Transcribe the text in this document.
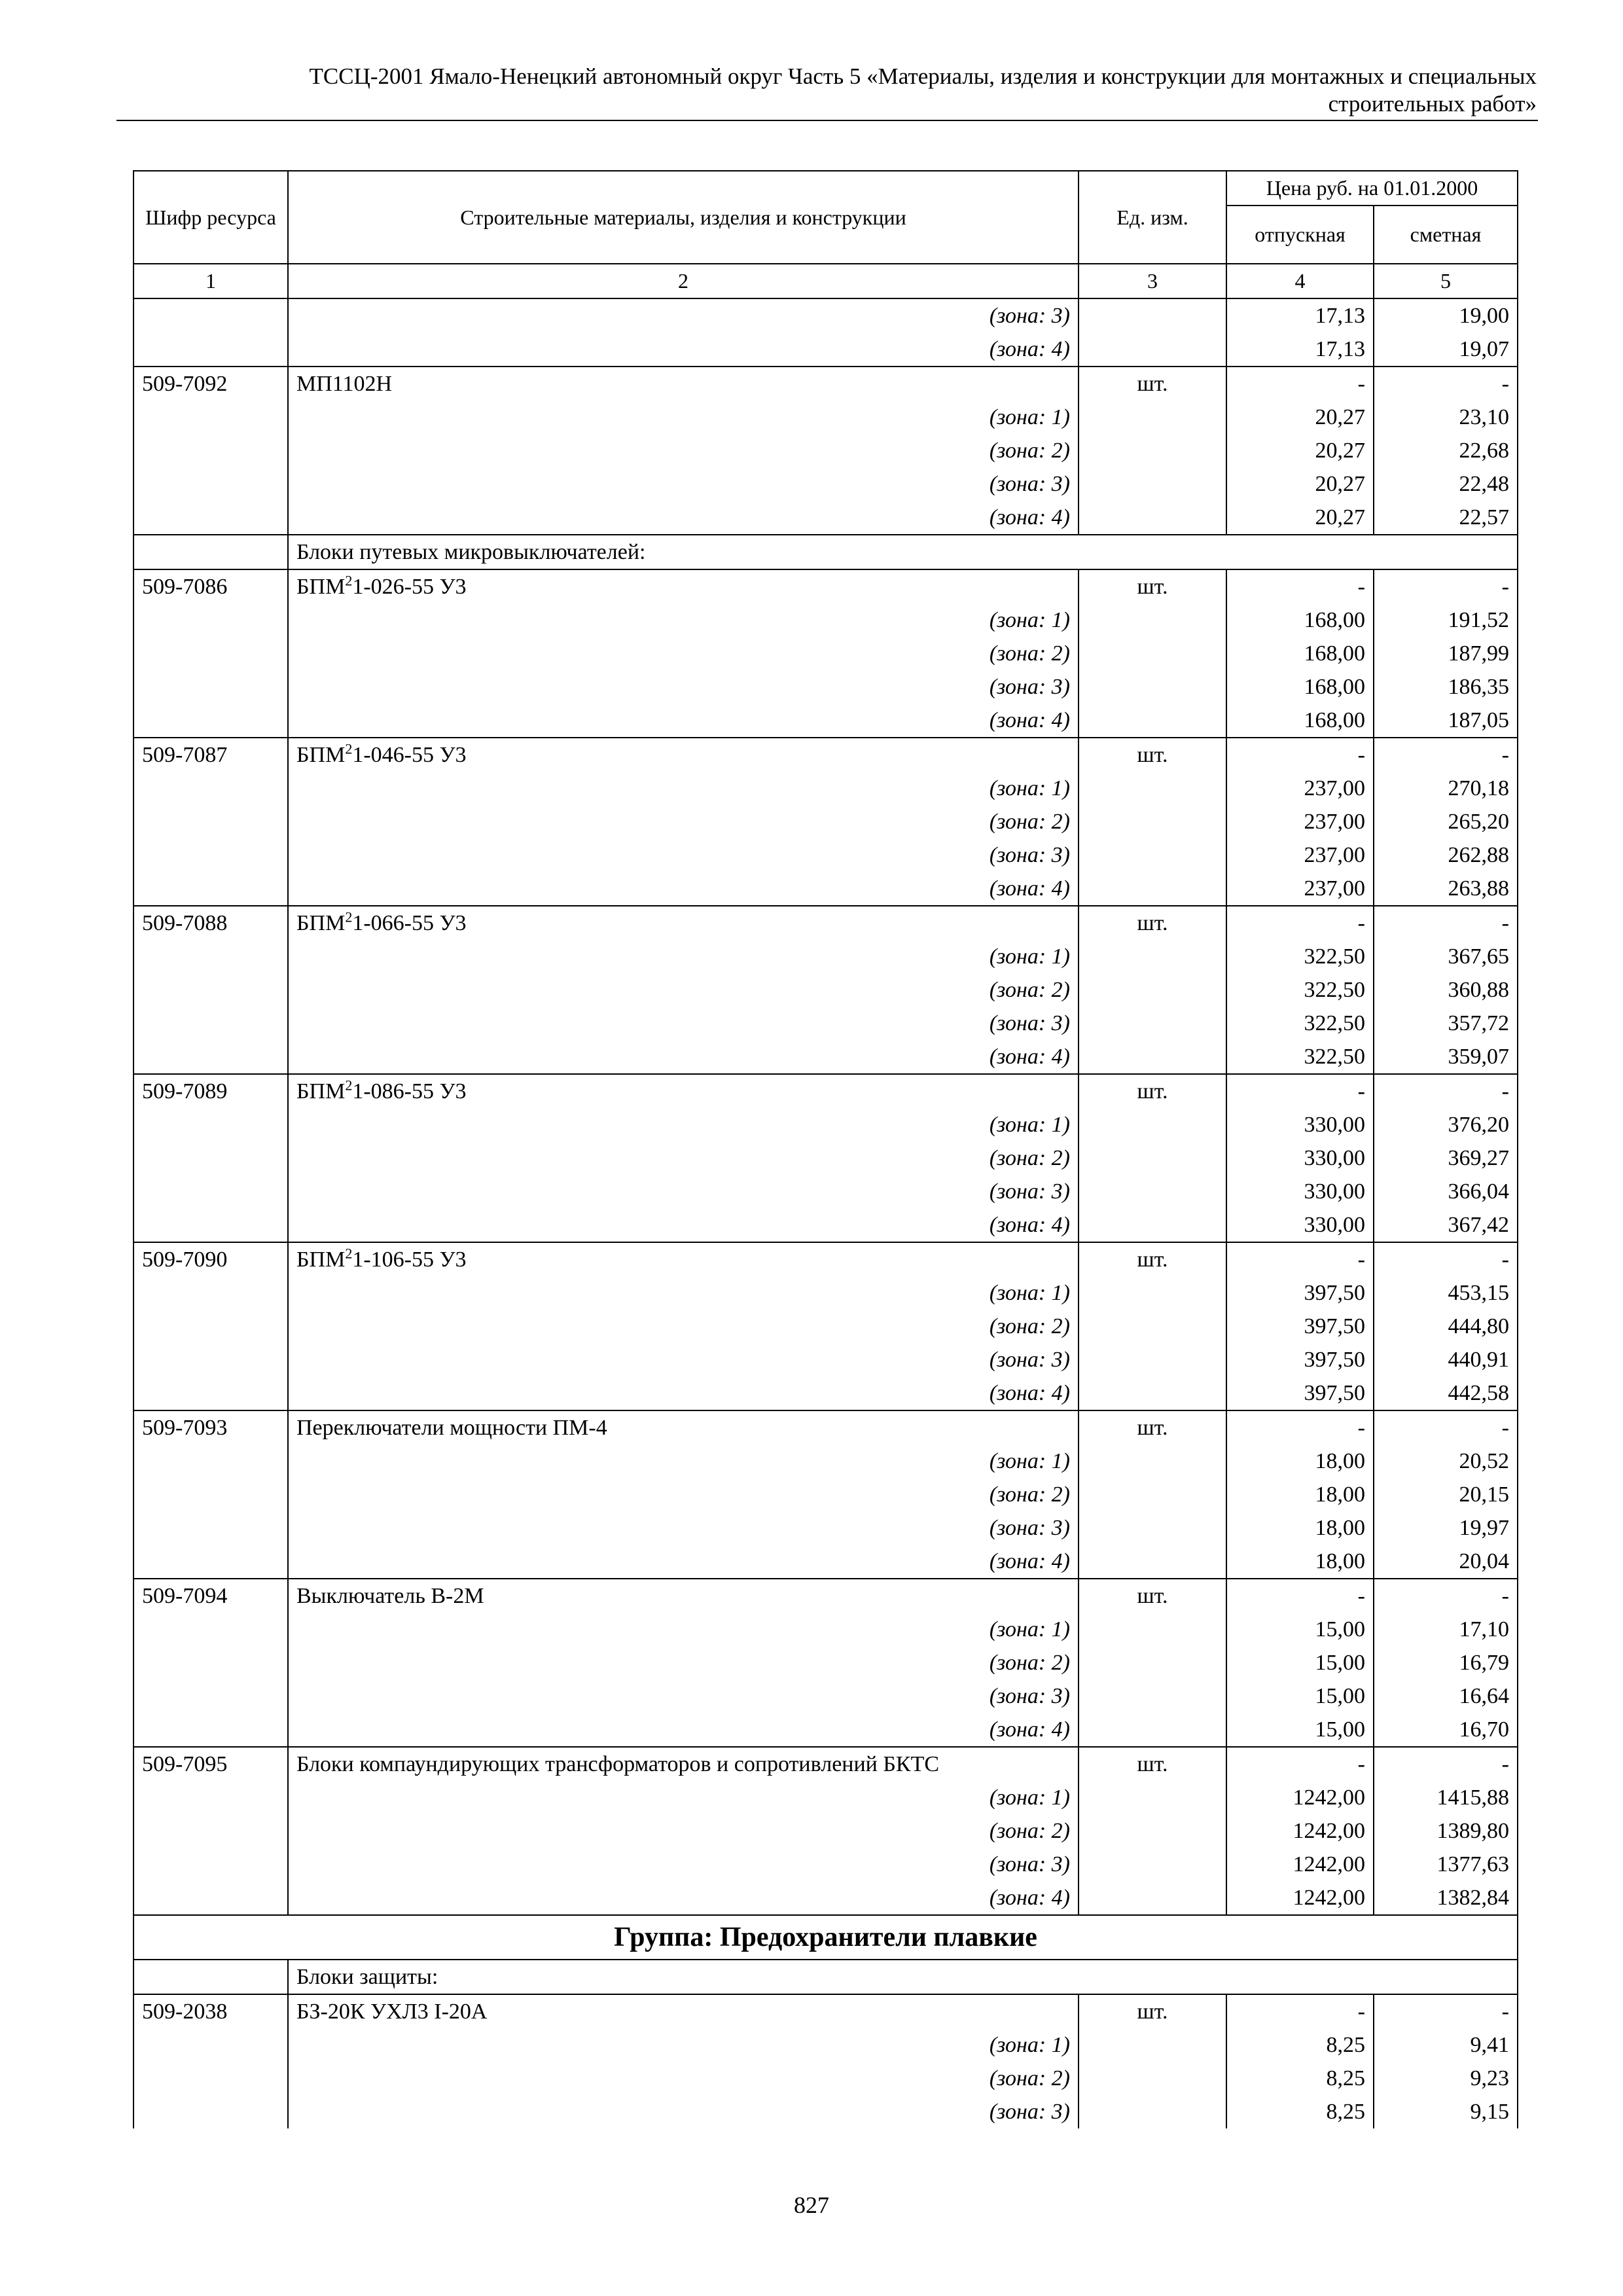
ТССЦ-2001 Ямало-Ненецкий автономный округ Часть 5 «Материалы, изделия и конструкции для монтажных и специальных
строительных работ»
Шифр ресурса	Строительные материалы, изделия и конструкции	Ед. изм.	Цена руб. на 01.01.2000	
			отпускная	сметная
1	2	3	4	5
	(зона: 3)		17,13	19,00
	(зона: 4)		17,13	19,07
509-7092	МП1102Н	шт.	-	-
	(зона: 1)		20,27	23,10
	(зона: 2)		20,27	22,68
	(зона: 3)		20,27	22,48
	(зона: 4)		20,27	22,57
	Блоки путевых микровыключателей:			
509-7086	БПМ$^2$1-026-55 У3	шт.	-	-
	(зона: 1)		168,00	191,52
	(зона: 2)		168,00	187,99
	(зона: 3)		168,00	186,35
	(зона: 4)		168,00	187,05
509-7087	БПМ$^2$1-046-55 У3	шт.	-	-
	(зона: 1)		237,00	270,18
	(зона: 2)		237,00	265,20
	(зона: 3)		237,00	262,88
	(зона: 4)		237,00	263,88
509-7088	БПМ$^2$1-066-55 У3	шт.	-	-
	(зона: 1)		322,50	367,65
	(зона: 2)		322,50	360,88
	(зона: 3)		322,50	357,72
	(зона: 4)		322,50	359,07
509-7089	БПМ$^2$1-086-55 У3	шт.	-	-
	(зона: 1)		330,00	376,20
	(зона: 2)		330,00	369,27
	(зона: 3)		330,00	366,04
	(зона: 4)		330,00	367,42
509-7090	БПМ$^2$1-106-55 У3	шт.	-	-
	(зона: 1)		397,50	453,15
	(зона: 2)		397,50	444,80
	(зона: 3)		397,50	440,91
	(зона: 4)		397,50	442,58
509-7093	Переключатели мощности ПМ-4	шт.	-	-
	(зона: 1)		18,00	20,52
	(зона: 2)		18,00	20,15
	(зона: 3)		18,00	19,97
	(зона: 4)		18,00	20,04
509-7094	Выключатель В-2М	шт.	-	-
	(зона: 1)		15,00	17,10
	(зона: 2)		15,00	16,79
	(зона: 3)		15,00	16,64
	(зона: 4)		15,00	16,70
509-7095	Блоки компаундирующих трансформаторов и сопротивлений БКТС	шт.	-	-
	(зона: 1)		1242,00	1415,88
	(зона: 2)		1242,00	1389,80
	(зона: 3)		1242,00	1377,63
	(зона: 4)		1242,00	1382,84
Группа: Предохранители плавкие				
	Блоки защиты:			
509-2038	БЗ-20К УХЛ3 I-20А	шт.	-	-
	(зона: 1)		8,25	9,41
	(зона: 2)		8,25	9,23
	(зона: 3)		8,25	9,15
827
